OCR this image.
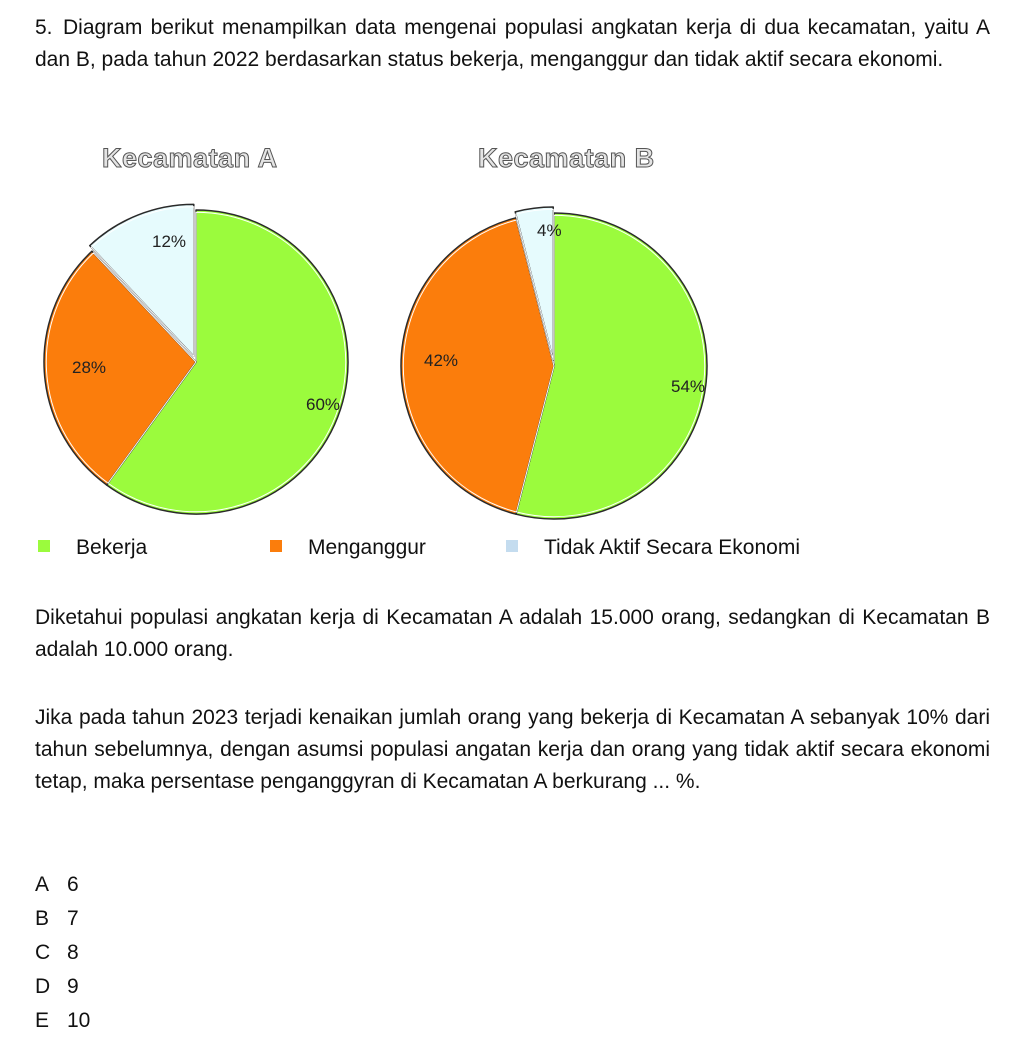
5. Diagram berikut menampilkan data mengenai populasi angkatan kerja di dua kecamatan, yaitu A dan B, pada tahun 2022 berdasarkan status bekerja, menganggur dan tidak aktif secara ekonomi.
Kecamatan A	Kecamatan B
60%
28%
12%
54%
42%
4%
Bekerja	Menganggur	Tidak Aktif Secara Ekonomi
Diketahui populasi angkatan kerja di Kecamatan A adalah 15.000 orang, sedangkan di Kecamatan B adalah 10.000 orang.
Jika pada tahun 2023 terjadi kenaikan jumlah orang yang bekerja di Kecamatan A sebanyak 10% dari tahun sebelumnya, dengan asumsi populasi angatan kerja dan orang yang tidak aktif secara ekonomi tetap, maka persentase penganggyran di Kecamatan A berkurang ... %.
A 6
B 7
C 8
D 9
E 10
